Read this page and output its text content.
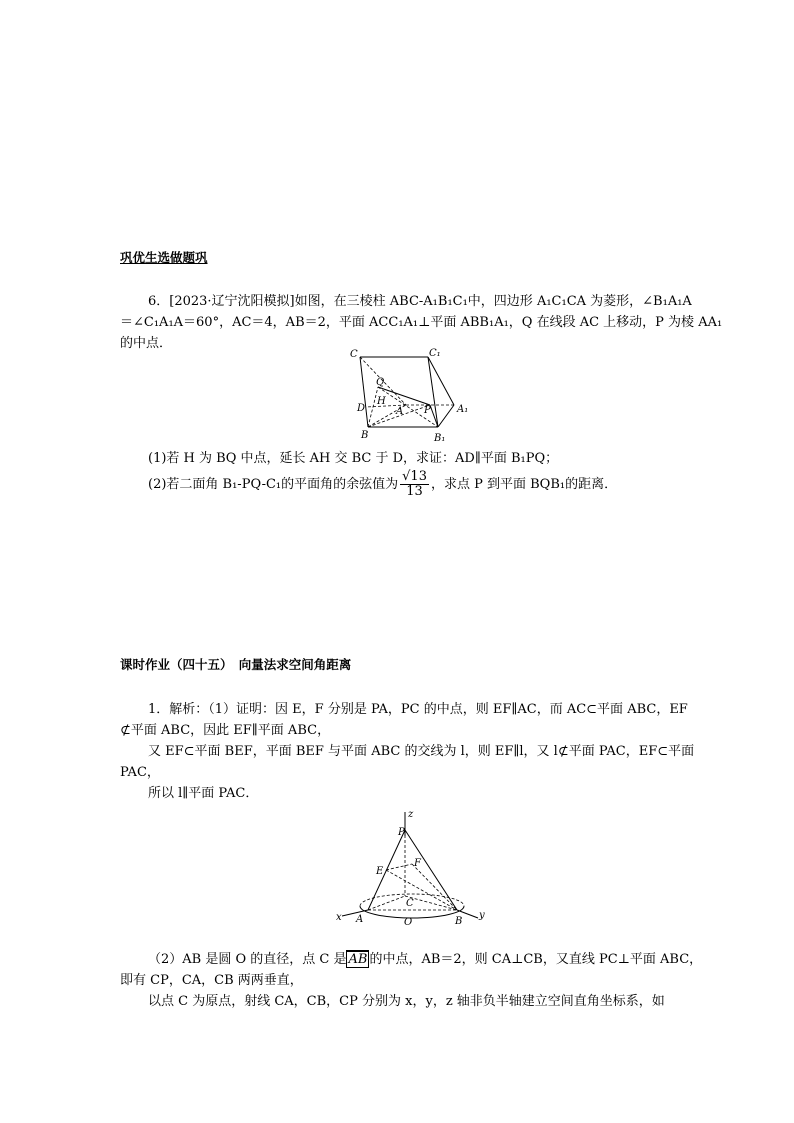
巩优生选做题巩
6．[2023·辽宁沈阳模拟]如图，在三棱柱 ABC-A₁B₁C₁中，四边形 A₁C₁CA 为菱形，∠B₁A₁A
＝∠C₁A₁A＝60°，AC＝4，AB＝2，平面 ACC₁A₁⊥平面 ABB₁A₁，Q 在线段 AC 上移动，P 为棱 AA₁
的中点．
C	C₁
Q
H
D	A P	A₁
B	B₁
(1)若 H 为 BQ 中点，延长 AH 交 BC 于 D，求证：AD∥平面 B₁PQ；
(2)若二面角 B₁-PQ-C₁的平面角的余弦值为 $\frac{√13}{13}$ ，求点 P 到平面 BQB₁的距离．
课时作业（四十五）　向量法求空间角距离
1．解析：（1）证明：因 E，F 分别是 PA，PC 的中点，则 EF∥AC，而 AC⊂平面 ABC，EF
⊄平面 ABC，因此 EF∥平面 ABC，
又 EF⊂平面 BEF，平面 BEF 与平面 ABC 的交线为 l，则 EF∥l，又 l⊄平面 PAC，EF⊂平面
PAC，
所以 l∥平面 PAC．
z
P
F
E
C
x A	O	B
y
（2）AB 是圆 O 的直径，点 C 是 AB 的中点，AB＝2，则 CA⊥CB，又直线 PC⊥平面 ABC，
即有 CP，CA，CB 两两垂直，
以点 C 为原点，射线 CA，CB，CP 分别为 x，y，z 轴非负半轴建立空间直角坐标系，如
